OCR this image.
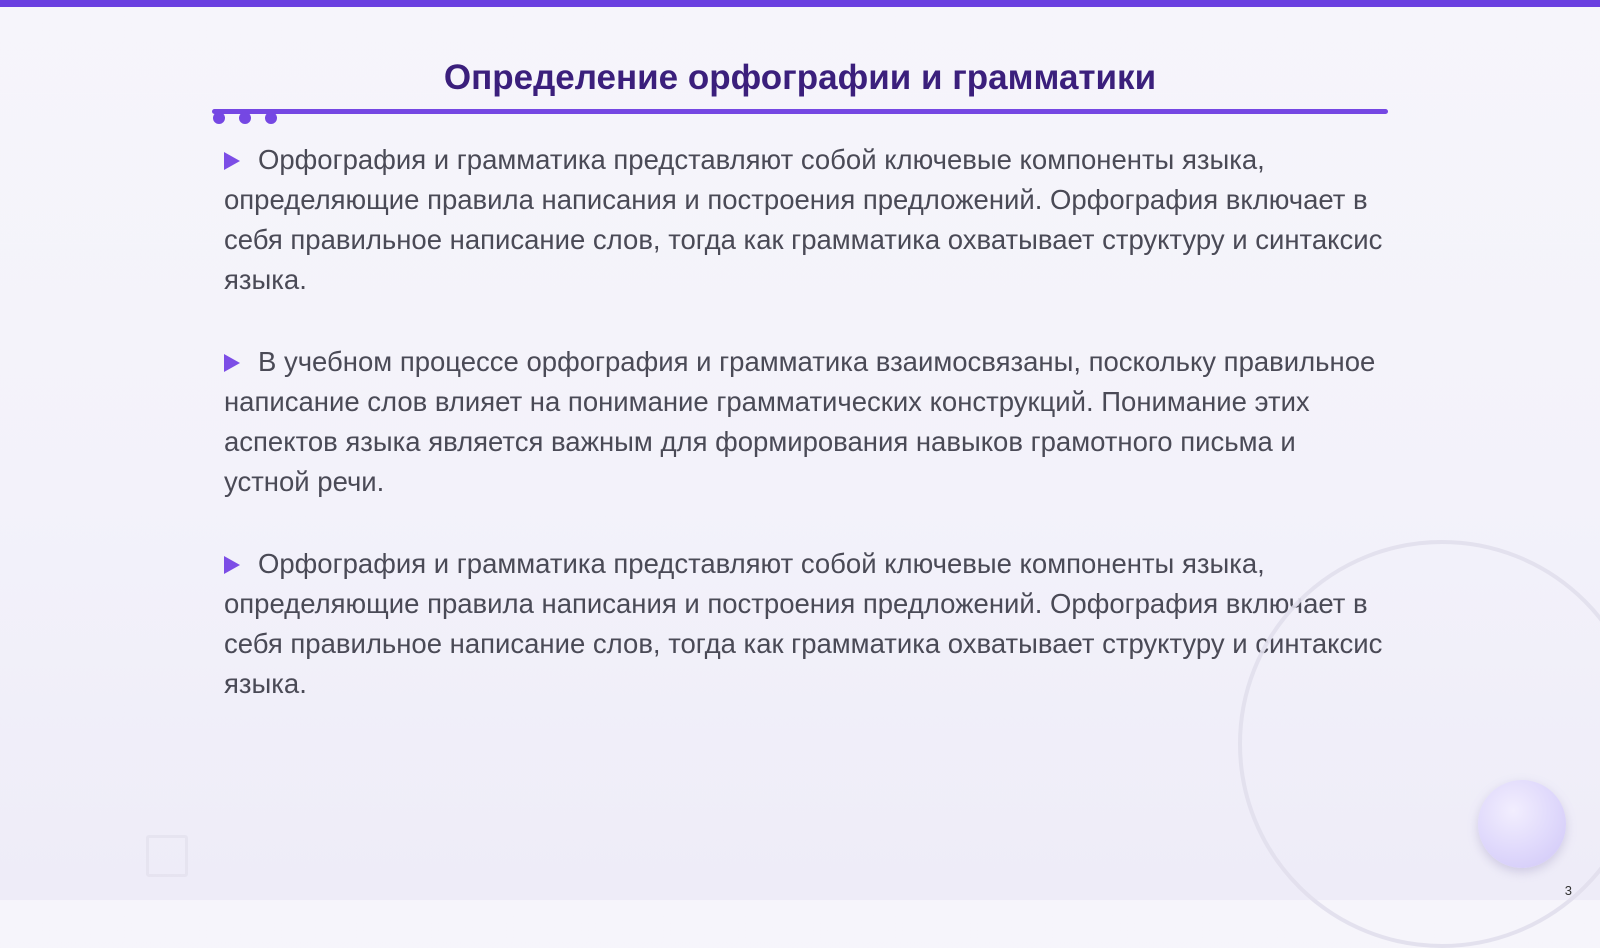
Определение орфографии и грамматики

Орфография и грамматика представляют собой ключевые компоненты языка, определяющие правила написания и построения предложений. Орфография включает в себя правильное написание слов, тогда как грамматика охватывает структуру и синтаксис языка.

В учебном процессе орфография и грамматика взаимосвязаны, поскольку правильное написание слов влияет на понимание грамматических конструкций. Понимание этих аспектов языка является важным для формирования навыков грамотного письма и устной речи.

Орфография и грамматика представляют собой ключевые компоненты языка, определяющие правила написания и построения предложений. Орфография включает в себя правильное написание слов, тогда как грамматика охватывает структуру и синтаксис языка.

3
